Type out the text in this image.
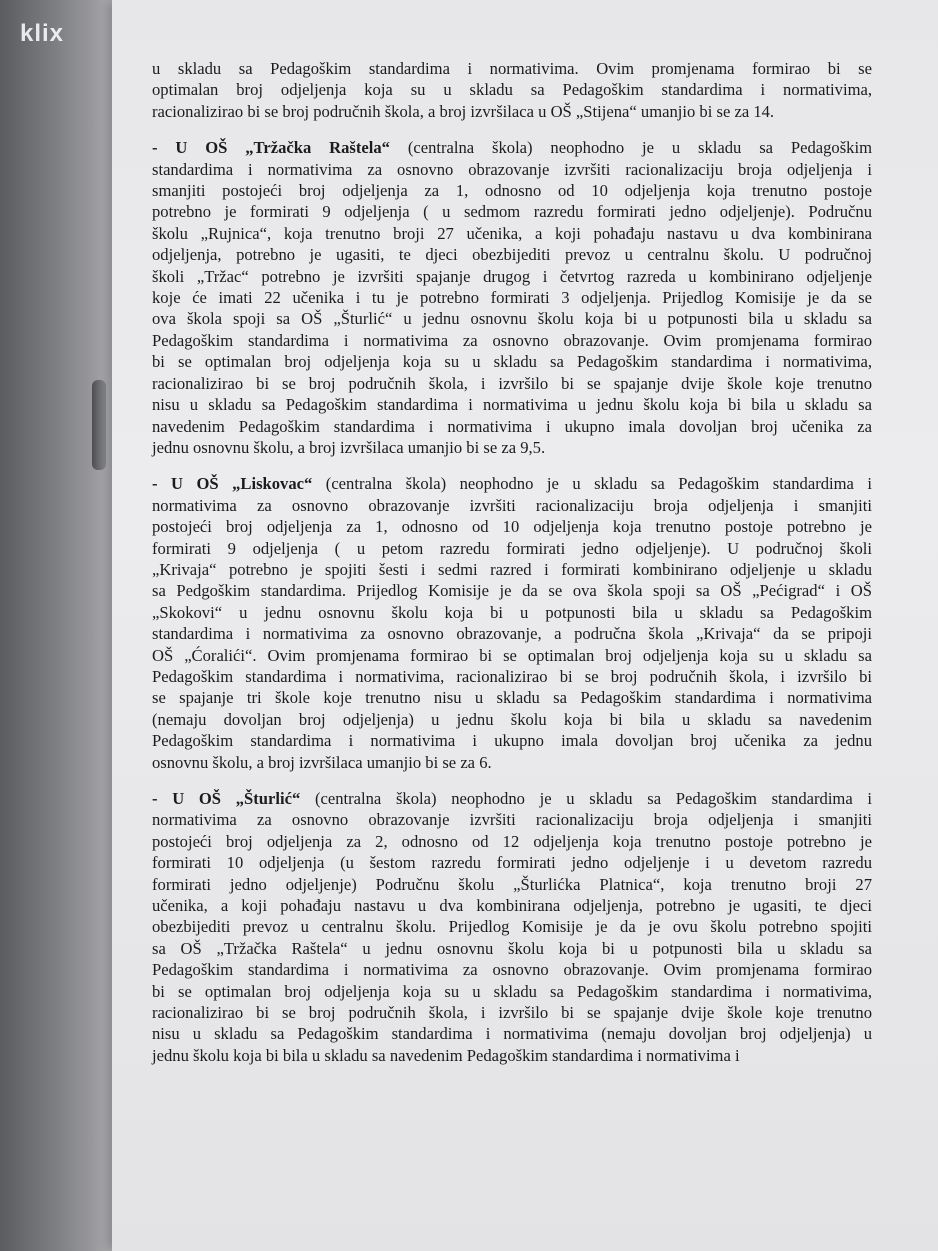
klix
u skladu sa Pedagoškim standardima i normativima. Ovim promjenama formirao bi se
optimalan broj odjeljenja koja su u skladu sa Pedagoškim standardima i normativima,
racionalizirao bi se broj područnih škola, a broj izvršilaca u OŠ „Stijena“ umanjio bi se za 14.
- U OŠ „Tržačka Raštela“ (centralna škola) neophodno je u skladu sa Pedagoškim
standardima i normativima za osnovno obrazovanje izvršiti racionalizaciju broja odjeljenja i
smanjiti postojeći broj odjeljenja za 1, odnosno od 10 odjeljenja koja trenutno postoje
potrebno je formirati 9 odjeljenja ( u sedmom razredu formirati jedno odjeljenje). Područnu
školu „Rujnica“, koja trenutno broji 27 učenika, a koji pohađaju nastavu u dva kombinirana
odjeljenja, potrebno je ugasiti, te djeci obezbijediti prevoz u centralnu školu. U područnoj
školi „Tržac“ potrebno je izvršiti spajanje drugog i četvrtog razreda u kombinirano odjeljenje
koje će imati 22 učenika i tu je potrebno formirati 3 odjeljenja. Prijedlog Komisije je da se
ova škola spoji sa OŠ „Šturlić“ u jednu osnovnu školu koja bi u potpunosti bila u skladu sa
Pedagoškim standardima i normativima za osnovno obrazovanje. Ovim promjenama formirao
bi se optimalan broj odjeljenja koja su u skladu sa Pedagoškim standardima i normativima,
racionalizirao bi se broj područnih škola, i izvršilo bi se spajanje dvije škole koje trenutno
nisu u skladu sa Pedagoškim standardima i normativima u jednu školu koja bi bila u skladu sa
navedenim Pedagoškim standardima i normativima i ukupno imala dovoljan broj učenika za
jednu osnovnu školu, a broj izvršilaca umanjio bi se za 9,5.
- U OŠ „Liskovac“ (centralna škola) neophodno je u skladu sa Pedagoškim standardima i
normativima za osnovno obrazovanje izvršiti racionalizaciju broja odjeljenja i smanjiti
postojeći broj odjeljenja za 1, odnosno od 10 odjeljenja koja trenutno postoje potrebno je
formirati 9 odjeljenja ( u petom razredu formirati jedno odjeljenje). U područnoj školi
„Krivaja“ potrebno je spojiti šesti i sedmi razred i formirati kombinirano odjeljenje u skladu
sa Pedgoškim standardima. Prijedlog Komisije je da se ova škola spoji sa OŠ „Pećigrad“ i OŠ
„Skokovi“ u jednu osnovnu školu koja bi u potpunosti bila u skladu sa Pedagoškim
standardima i normativima za osnovno obrazovanje, a područna škola „Krivaja“ da se pripoji
OŠ „Ćoralići“. Ovim promjenama formirao bi se optimalan broj odjeljenja koja su u skladu sa
Pedagoškim standardima i normativima, racionalizirao bi se broj područnih škola, i izvršilo bi
se spajanje tri škole koje trenutno nisu u skladu sa Pedagoškim standardima i normativima
(nemaju dovoljan broj odjeljenja) u jednu školu koja bi bila u skladu sa navedenim
Pedagoškim standardima i normativima i ukupno imala dovoljan broj učenika za jednu
osnovnu školu, a broj izvršilaca umanjio bi se za 6.
- U OŠ „Šturlić“ (centralna škola) neophodno je u skladu sa Pedagoškim standardima i
normativima za osnovno obrazovanje izvršiti racionalizaciju broja odjeljenja i smanjiti
postojeći broj odjeljenja za 2, odnosno od 12 odjeljenja koja trenutno postoje potrebno je
formirati 10 odjeljenja (u šestom razredu formirati jedno odjeljenje i u devetom razredu
formirati jedno odjeljenje) Područnu školu „Šturlićka Platnica“, koja trenutno broji 27
učenika, a koji pohađaju nastavu u dva kombinirana odjeljenja, potrebno je ugasiti, te djeci
obezbijediti prevoz u centralnu školu. Prijedlog Komisije je da je ovu školu potrebno spojiti
sa OŠ „Tržačka Raštela“ u jednu osnovnu školu koja bi u potpunosti bila u skladu sa
Pedagoškim standardima i normativima za osnovno obrazovanje. Ovim promjenama formirao
bi se optimalan broj odjeljenja koja su u skladu sa Pedagoškim standardima i normativima,
racionalizirao bi se broj područnih škola, i izvršilo bi se spajanje dvije škole koje trenutno
nisu u skladu sa Pedagoškim standardima i normativima (nemaju dovoljan broj odjeljenja) u
jednu školu koja bi bila u skladu sa navedenim Pedagoškim standardima i normativima i
